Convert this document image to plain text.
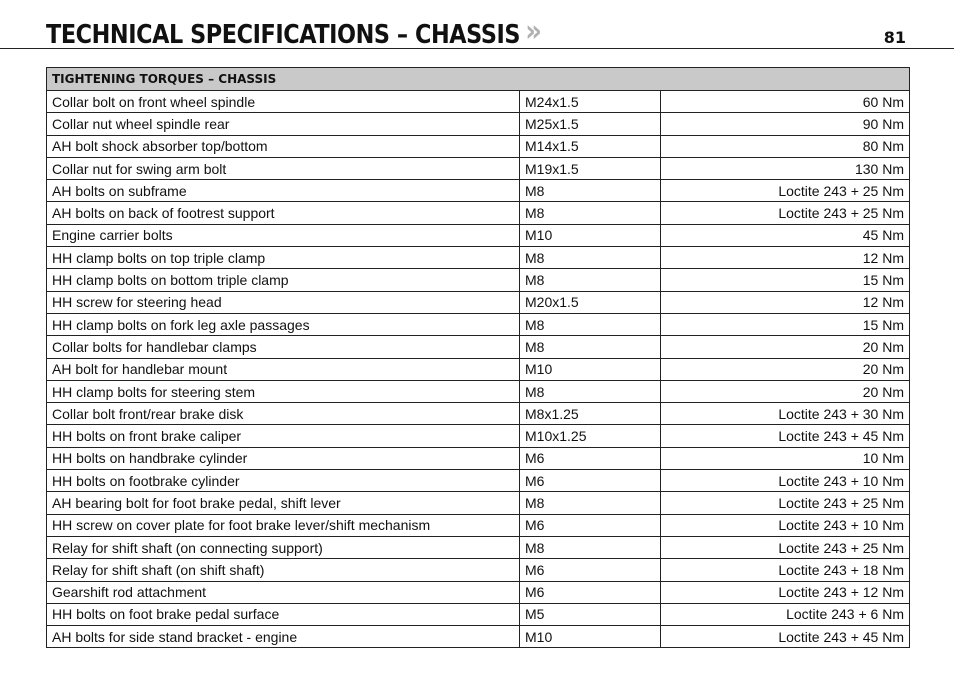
TECHNICAL SPECIFICATIONS – CHASSIS »	81
TIGHTENING TORQUES – CHASSIS		
Collar bolt on front wheel spindle	M24x1.5	60 Nm
Collar nut wheel spindle rear	M25x1.5	90 Nm
AH bolt shock absorber top/bottom	M14x1.5	80 Nm
Collar nut for swing arm bolt	M19x1.5	130 Nm
AH bolts on subframe	M8	Loctite 243 + 25 Nm
AH bolts on back of footrest support	M8	Loctite 243 + 25 Nm
Engine carrier bolts	M10	45 Nm
HH clamp bolts on top triple clamp	M8	12 Nm
HH clamp bolts on bottom triple clamp	M8	15 Nm
HH screw for steering head	M20x1.5	12 Nm
HH clamp bolts on fork leg axle passages	M8	15 Nm
Collar bolts for handlebar clamps	M8	20 Nm
AH bolt for handlebar mount	M10	20 Nm
HH clamp bolts for steering stem	M8	20 Nm
Collar bolt front/rear brake disk	M8x1.25	Loctite 243 + 30 Nm
HH bolts on front brake caliper	M10x1.25	Loctite 243 + 45 Nm
HH bolts on handbrake cylinder	M6	10 Nm
HH bolts on footbrake cylinder	M6	Loctite 243 + 10 Nm
AH bearing bolt for foot brake pedal, shift lever	M8	Loctite 243 + 25 Nm
HH screw on cover plate for foot brake lever/shift mechanism	M6	Loctite 243 + 10 Nm
Relay for shift shaft (on connecting support)	M8	Loctite 243 + 25 Nm
Relay for shift shaft (on shift shaft)	M6	Loctite 243 + 18 Nm
Gearshift rod attachment	M6	Loctite 243 + 12 Nm
HH bolts on foot brake pedal surface	M5	Loctite 243 + 6 Nm
AH bolts for side stand bracket - engine	M10	Loctite 243 + 45 Nm
